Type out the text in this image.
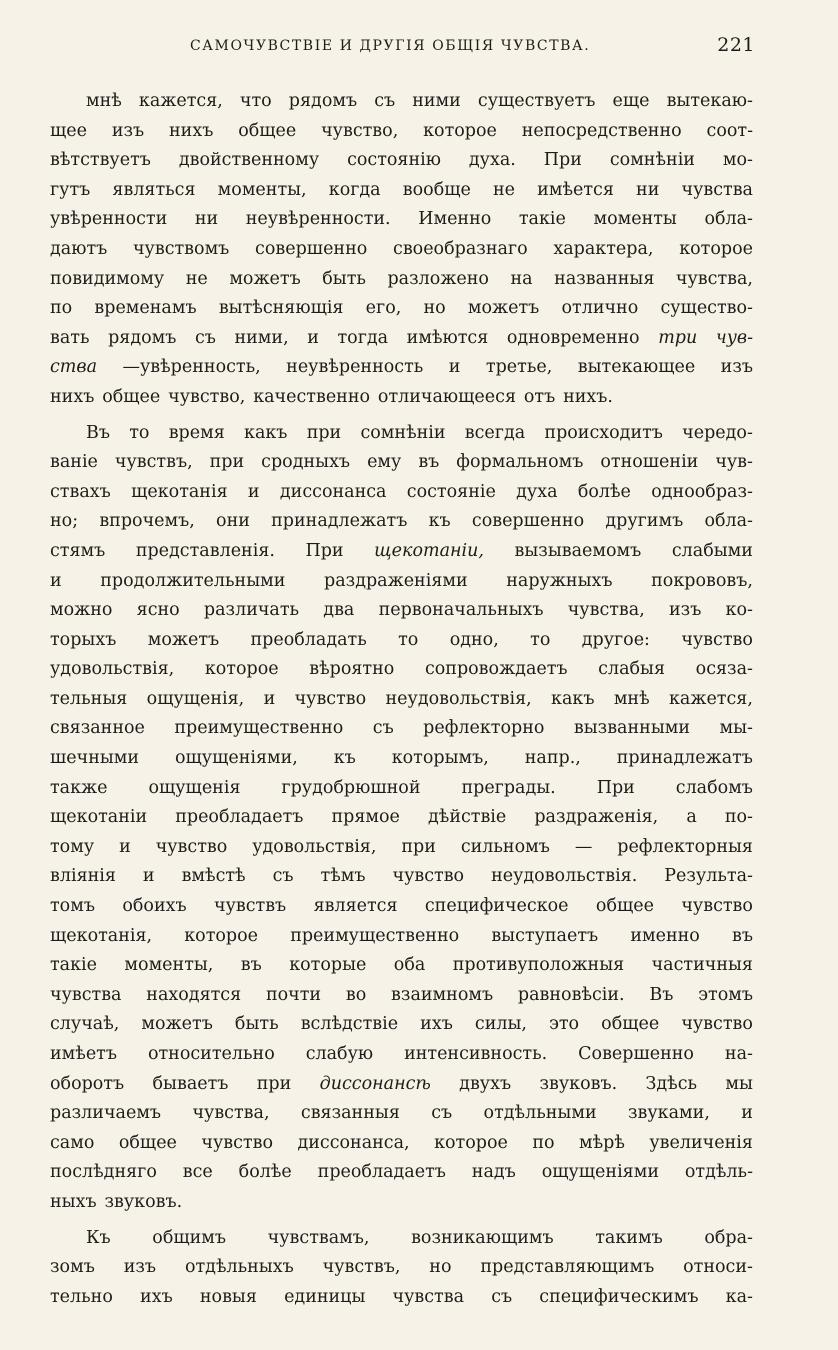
САМОЧУВСТВІЕ И ДРУГІЯ ОБЩІЯ ЧУВСТВА.	221
мнѣ кажется, что рядомъ съ ними существуетъ еще вытекаю-
щее изъ нихъ общее чувство, которое непосредственно соот-
вѣтствуетъ двойственному состоянію духа. При сомнѣніи мо-
гутъ являться моменты, когда вообще не имѣется ни чувства
увѣренности ни неувѣренности. Именно такіе моменты обла-
даютъ чувствомъ совершенно своеобразнаго характера, которое
повидимому не можетъ быть разложено на названныя чувства,
по временамъ вытѣсняющія его, но можетъ отлично существо-
вать рядомъ съ ними, и тогда имѣются одновременно три чув-
ства —увѣренность, неувѣренность и третье, вытекающее изъ
нихъ общее чувство, качественно отличающееся отъ нихъ.
Въ то время какъ при сомнѣніи всегда происходитъ чередо-
ваніе чувствъ, при сродныхъ ему въ формальномъ отношеніи чув-
ствахъ щекотанія и диссонанса состояніе духа болѣе однообраз-
но; впрочемъ, они принадлежатъ къ совершенно другимъ обла-
стямъ представленія. При щекотаніи, вызываемомъ слабыми
и продолжительными раздраженіями наружныхъ покрововъ,
можно ясно различать два первоначальныхъ чувства, изъ ко-
торыхъ можетъ преобладать то одно, то другое: чувство
удовольствія, которое вѣроятно сопровождаетъ слабыя осяза-
тельныя ощущенія, и чувство неудовольствія, какъ мнѣ кажется,
связанное преимущественно съ рефлекторно вызванными мы-
шечными ощущеніями, къ которымъ, напр., принадлежатъ
также ощущенія грудобрюшной преграды. При слабомъ
щекотаніи преобладаетъ прямое дѣйствіе раздраженія, а по-
тому и чувство удовольствія, при сильномъ — рефлекторныя
вліянія и вмѣстѣ съ тѣмъ чувство неудовольствія. Результа-
томъ обоихъ чувствъ является специфическое общее чувство
щекотанія, которое преимущественно выступаетъ именно въ
такіе моменты, въ которые оба противуположныя частичныя
чувства находятся почти во взаимномъ равновѣсіи. Въ этомъ
случаѣ, можетъ быть вслѣдствіе ихъ силы, это общее чувство
имѣетъ относительно слабую интенсивность. Совершенно на-
оборотъ бываетъ при диссонансѣ двухъ звуковъ. Здѣсь мы
различаемъ чувства, связанныя съ отдѣльными звуками, и
само общее чувство диссонанса, которое по мѣрѣ увеличенія
послѣдняго все болѣе преобладаетъ надъ ощущеніями отдѣль-
ныхъ звуковъ.
Къ общимъ чувствамъ, возникающимъ такимъ обра-
зомъ изъ отдѣльныхъ чувствъ, но представляющимъ относи-
тельно ихъ новыя единицы чувства съ специфическимъ ка-
